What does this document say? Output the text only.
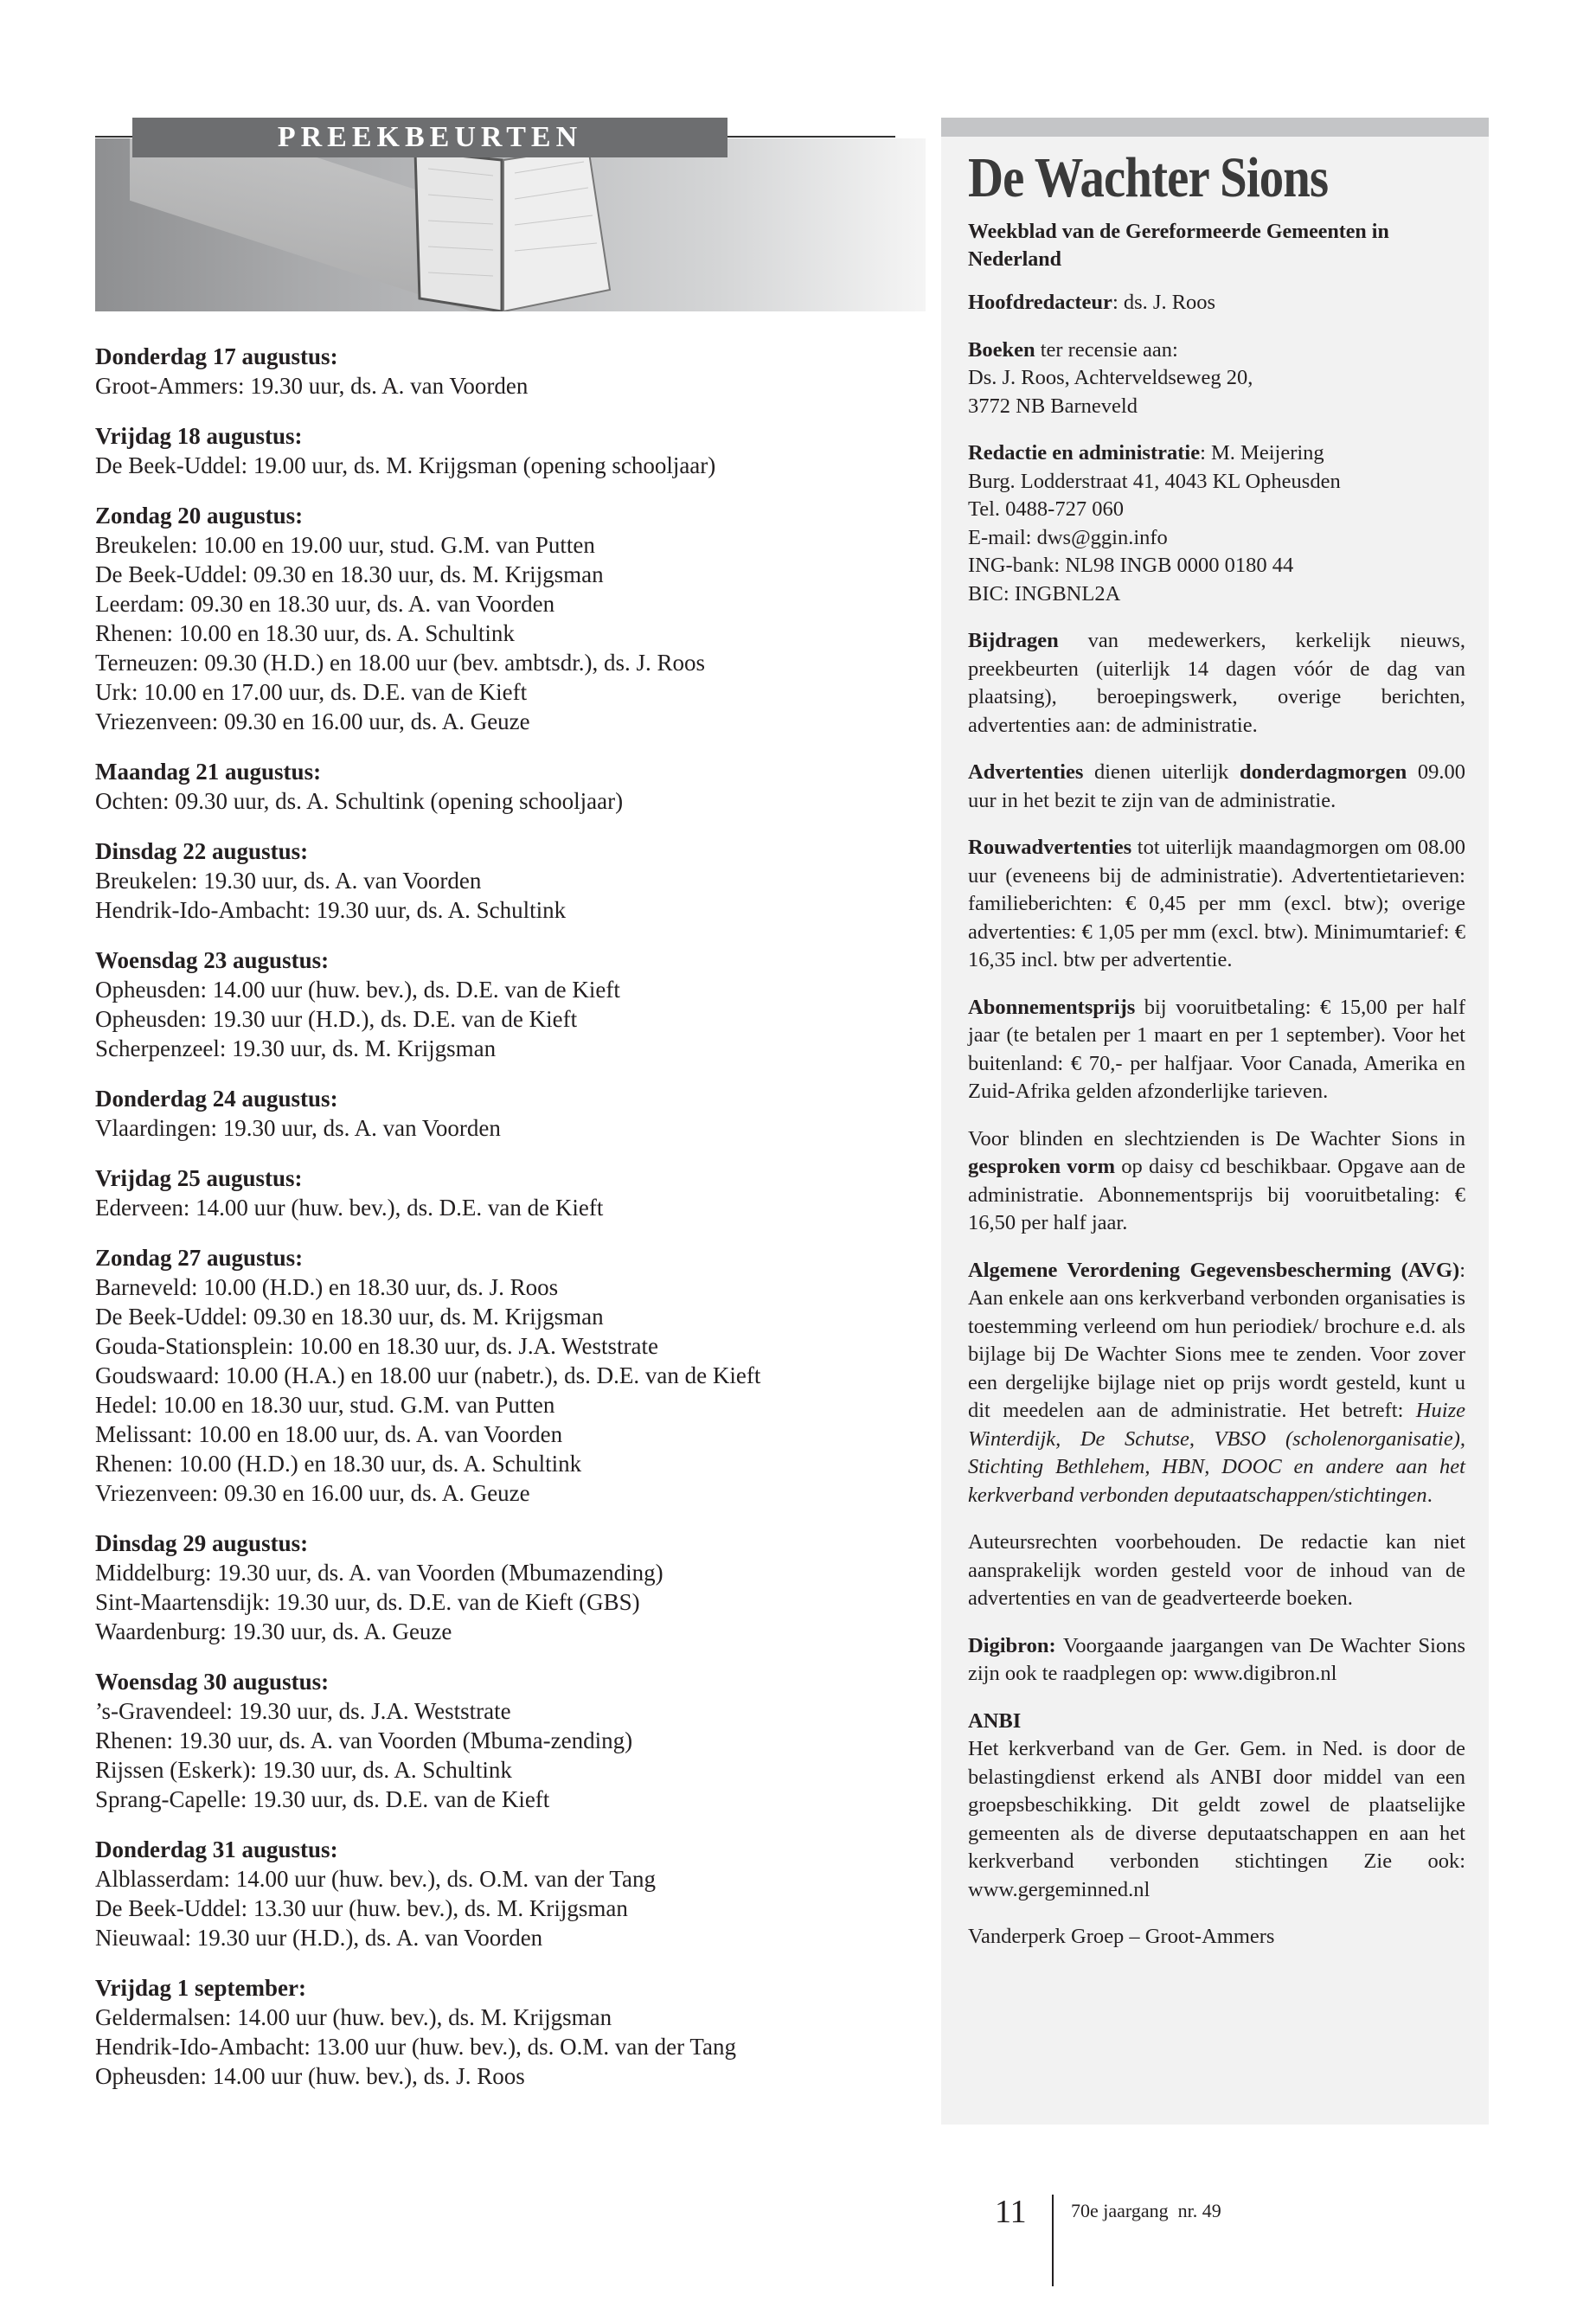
PREEKBEURTEN
Donderdag 17 augustus:
Groot-Ammers: 19.30 uur, ds. A. van Voorden
Vrijdag 18 augustus:
De Beek-Uddel: 19.00 uur, ds. M. Krijgsman (opening schooljaar)
Zondag 20 augustus:
Breukelen: 10.00 en 19.00 uur, stud. G.M. van Putten
De Beek-Uddel: 09.30 en 18.30 uur, ds. M. Krijgsman
Leerdam: 09.30 en 18.30 uur, ds. A. van Voorden
Rhenen: 10.00 en 18.30 uur, ds. A. Schultink
Terneuzen: 09.30 (H.D.) en 18.00 uur (bev. ambtsdr.), ds. J. Roos
Urk: 10.00 en 17.00 uur, ds. D.E. van de Kieft
Vriezenveen: 09.30 en 16.00 uur, ds. A. Geuze
Maandag 21 augustus:
Ochten: 09.30 uur, ds. A. Schultink (opening schooljaar)
Dinsdag 22 augustus:
Breukelen: 19.30 uur, ds. A. van Voorden
Hendrik-Ido-Ambacht: 19.30 uur, ds. A. Schultink
Woensdag 23 augustus:
Opheusden: 14.00 uur (huw. bev.), ds. D.E. van de Kieft
Opheusden: 19.30 uur (H.D.), ds. D.E. van de Kieft
Scherpenzeel: 19.30 uur, ds. M. Krijgsman
Donderdag 24 augustus:
Vlaardingen: 19.30 uur, ds. A. van Voorden
Vrijdag 25 augustus:
Ederveen: 14.00 uur (huw. bev.), ds. D.E. van de Kieft
Zondag 27 augustus:
Barneveld: 10.00 (H.D.) en 18.30 uur, ds. J. Roos
De Beek-Uddel: 09.30 en 18.30 uur, ds. M. Krijgsman
Gouda-Stationsplein: 10.00 en 18.30 uur, ds. J.A. Weststrate
Goudswaard: 10.00 (H.A.) en 18.00 uur (nabetr.), ds. D.E. van de Kieft
Hedel: 10.00 en 18.30 uur, stud. G.M. van Putten
Melissant: 10.00 en 18.00 uur, ds. A. van Voorden
Rhenen: 10.00 (H.D.) en 18.30 uur, ds. A. Schultink
Vriezenveen: 09.30 en 16.00 uur, ds. A. Geuze
Dinsdag 29 augustus:
Middelburg: 19.30 uur, ds. A. van Voorden (Mbumazending)
Sint-Maartensdijk: 19.30 uur, ds. D.E. van de Kieft (GBS)
Waardenburg: 19.30 uur, ds. A. Geuze
Woensdag 30 augustus:
’s-Gravendeel: 19.30 uur, ds. J.A. Weststrate
Rhenen: 19.30 uur, ds. A. van Voorden (Mbuma-zending)
Rijssen (Eskerk): 19.30 uur, ds. A. Schultink
Sprang-Capelle: 19.30 uur, ds. D.E. van de Kieft
Donderdag 31 augustus:
Alblasserdam: 14.00 uur (huw. bev.), ds. O.M. van der Tang
De Beek-Uddel: 13.30 uur (huw. bev.), ds. M. Krijgsman
Nieuwaal: 19.30 uur (H.D.), ds. A. van Voorden
Vrijdag 1 september:
Geldermalsen: 14.00 uur (huw. bev.), ds. M. Krijgsman
Hendrik-Ido-Ambacht: 13.00 uur (huw. bev.), ds. O.M. van der Tang
Opheusden: 14.00 uur (huw. bev.), ds. J. Roos
De Wachter Sions
Weekblad van de Gereformeerde Gemeenten in Nederland
Hoofdredacteur: ds. J. Roos
Boeken ter recensie aan:
Ds. J. Roos, Achterveldseweg 20,
3772 NB Barneveld
Redactie en administratie: M. Meijering
Burg. Lodderstraat 41, 4043 KL Opheusden
Tel. 0488-727 060
E-mail: dws@ggin.info
ING-bank: NL98 INGB 0000 0180 44
BIC: INGBNL2A
Bijdragen van medewerkers, kerkelijk nieuws, preekbeurten (uiterlijk 14 dagen vóór de dag van plaatsing), beroepingswerk, overige berichten, advertenties aan: de administratie.
Advertenties dienen uiterlijk donderdagmorgen 09.00 uur in het bezit te zijn van de administratie.
Rouwadvertenties tot uiterlijk maandagmorgen om 08.00 uur (eveneens bij de administratie). Advertentietarieven: familieberichten: € 0,45 per mm (excl. btw); overige advertenties: € 1,05 per mm (excl. btw). Minimumtarief: € 16,35 incl. btw per advertentie.
Abonnementsprijs bij vooruitbetaling: € 15,00 per half jaar (te betalen per 1 maart en per 1 september). Voor het buitenland: € 70,- per halfjaar. Voor Canada, Amerika en Zuid-Afrika gelden afzonderlijke tarieven.
Voor blinden en slechtzienden is De Wachter Sions in gesproken vorm op daisy cd beschikbaar. Opgave aan de administratie. Abonnementsprijs bij vooruitbetaling: € 16,50 per half jaar.
Algemene Verordening Gegevensbescherming (AVG): Aan enkele aan ons kerkverband verbonden organisaties is toestemming verleend om hun periodiek/ brochure e.d. als bijlage bij De Wachter Sions mee te zenden. Voor zover een dergelijke bijlage niet op prijs wordt gesteld, kunt u dit meedelen aan de administratie. Het betreft: Huize Winterdijk, De Schutse, VBSO (scholenorganisatie), Stichting Bethlehem, HBN, DOOC en andere aan het kerkverband verbonden deputaatschappen/stichtingen.
Auteursrechten voorbehouden. De redactie kan niet aansprakelijk worden gesteld voor de inhoud van de advertenties en van de geadverteerde boeken.
Digibron: Voorgaande jaargangen van De Wachter Sions zijn ook te raadplegen op: www.digibron.nl
ANBI
Het kerkverband van de Ger. Gem. in Ned. is door de belastingdienst erkend als ANBI door middel van een groepsbeschikking. Dit geldt zowel de plaatselijke gemeenten als de diverse deputaatschappen en aan het kerkverband verbonden stichtingen Zie ook: www.gergeminned.nl
Vanderperk Groep – Groot-Ammers
11 70e jaargang  nr. 49
